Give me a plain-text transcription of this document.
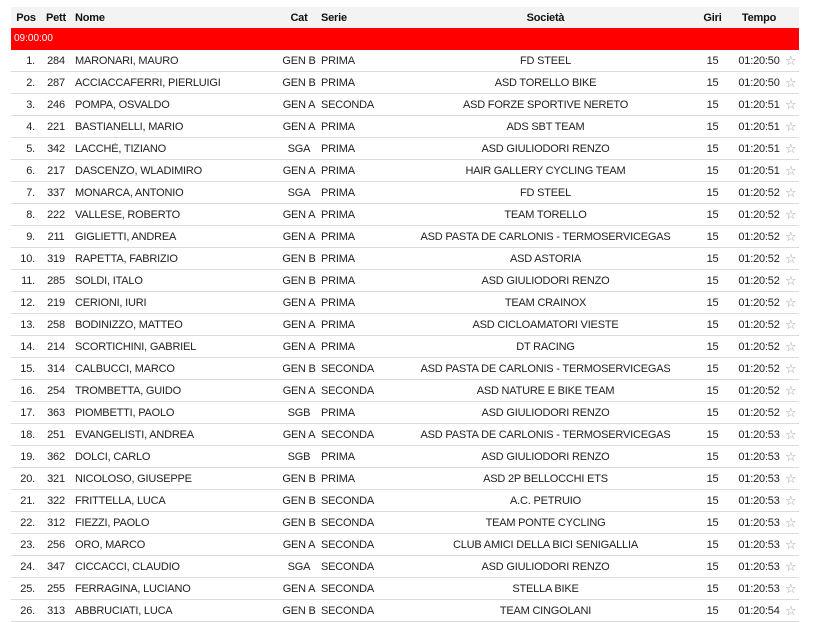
Pos Pett Nome	Cat	Serie	Società	Giri	Tempo
09:00:00
1.	284 MARONARI, MAURO	GEN B PRIMA	FD STEEL	15	01:20:50 ☆
2.	287 ACCIACCAFERRI, PIERLUIGI	GEN B PRIMA	ASD TORELLO BIKE	15	01:20:50 ☆
3.	246 POMPA, OSVALDO	GEN A SECONDA	ASD FORZE SPORTIVE NERETO	15	01:20:51 ☆
4.	221 BASTIANELLI, MARIO	GEN A PRIMA	ADS SBT TEAM	15	01:20:51 ☆
5.	342 LACCHÈ, TIZIANO	SGA PRIMA	ASD GIULIODORI RENZO	15	01:20:51 ☆
6.	217 DASCENZO, WLADIMIRO	GEN A PRIMA	HAIR GALLERY CYCLING TEAM	15	01:20:51 ☆
7.	337 MONARCA, ANTONIO	SGA PRIMA	FD STEEL	15	01:20:52 ☆
8.	222 VALLESE, ROBERTO	GEN A PRIMA	TEAM TORELLO	15	01:20:52 ☆
9.	211 GIGLIETTI, ANDREA	GEN A PRIMA	ASD PASTA DE CARLONIS - TERMOSERVICEGAS	15	01:20:52 ☆
10.	319 RAPETTA, FABRIZIO	GEN B PRIMA	ASD ASTORIA	15	01:20:52 ☆
11.	285 SOLDI, ITALO	GEN B PRIMA	ASD GIULIODORI RENZO	15	01:20:52 ☆
12.	219 CERIONI, IURI	GEN A PRIMA	TEAM CRAINOX	15	01:20:52 ☆
13.	258 BODINIZZO, MATTEO	GEN A PRIMA	ASD CICLOAMATORI VIESTE	15	01:20:52 ☆
14.	214 SCORTICHINI, GABRIEL	GEN A PRIMA	DT RACING	15	01:20:52 ☆
15.	314 CALBUCCI, MARCO	GEN B SECONDA	ASD PASTA DE CARLONIS - TERMOSERVICEGAS	15	01:20:52 ☆
16.	254 TROMBETTA, GUIDO	GEN A SECONDA	ASD NATURE E BIKE TEAM	15	01:20:52 ☆
17.	363 PIOMBETTI, PAOLO	SGB PRIMA	ASD GIULIODORI RENZO	15	01:20:52 ☆
18.	251 EVANGELISTI, ANDREA	GEN A SECONDA	ASD PASTA DE CARLONIS - TERMOSERVICEGAS	15	01:20:53 ☆
19.	362 DOLCI, CARLO	SGB PRIMA	ASD GIULIODORI RENZO	15	01:20:53 ☆
20.	321 NICOLOSO, GIUSEPPE	GEN B PRIMA	ASD 2P BELLOCCHI ETS	15	01:20:53 ☆
21.	322 FRITTELLA, LUCA	GEN B SECONDA	A.C. PETRUIO	15	01:20:53 ☆
22.	312 FIEZZI, PAOLO	GEN B SECONDA	TEAM PONTE CYCLING	15	01:20:53 ☆
23.	256 ORO, MARCO	GEN A SECONDA	CLUB AMICI DELLA BICI SENIGALLIA	15	01:20:53 ☆
24.	347 CICCACCI, CLAUDIO	SGA SECONDA	ASD GIULIODORI RENZO	15	01:20:53 ☆
25.	255 FERRAGINA, LUCIANO	GEN A SECONDA	STELLA BIKE	15	01:20:53 ☆
26.	313 ABBRUCIATI, LUCA	GEN B SECONDA	TEAM CINGOLANI	15	01:20:54 ☆
